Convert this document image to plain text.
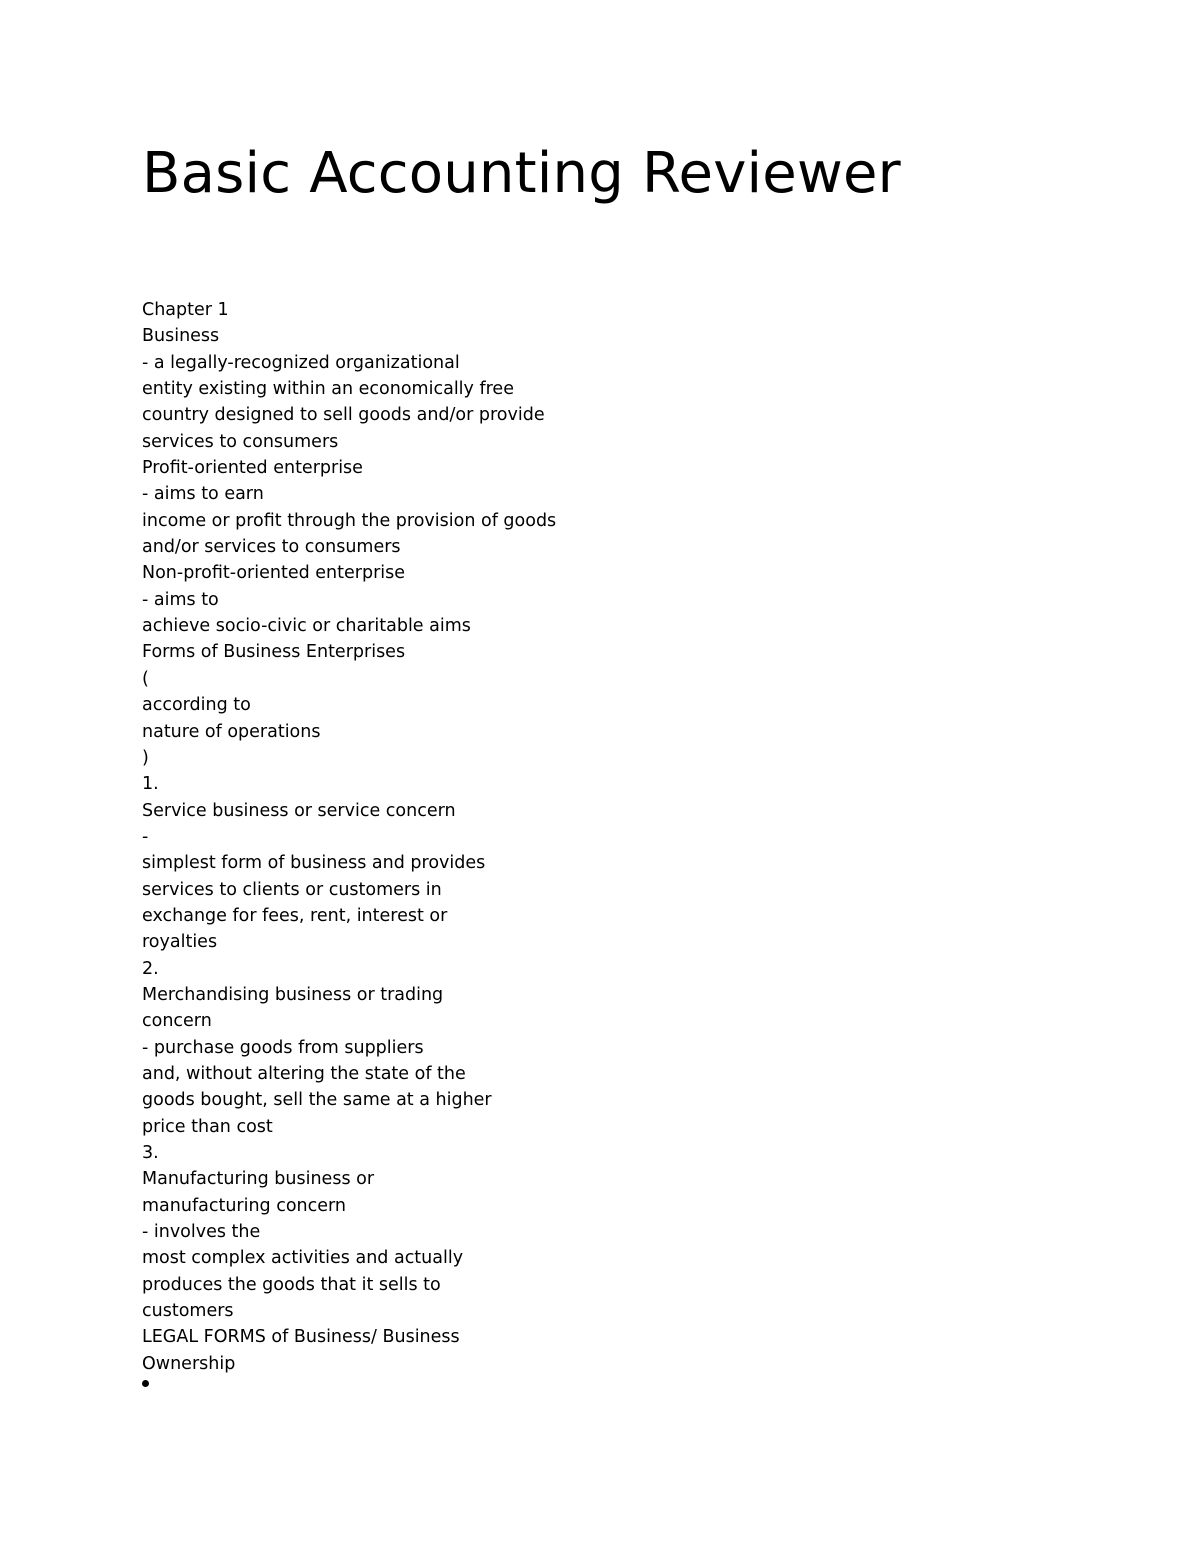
Basic Accounting Reviewer
Chapter 1
Business
- a legally-recognized organizational
entity existing within an economically free
country designed to sell goods and/or provide
services to consumers
Profit-oriented enterprise
- aims to earn
income or profit through the provision of goods
and/or services to consumers
Non-profit-oriented enterprise
- aims to
achieve socio-civic or charitable aims
Forms of Business Enterprises
(
according to
nature of operations
)
1.
Service business or service concern
-
simplest form of business and provides
services to clients or customers in
exchange for fees, rent, interest or
royalties
2.
Merchandising business or trading
concern
- purchase goods from suppliers
and, without altering the state of the
goods bought, sell the same at a higher
price than cost
3.
Manufacturing business or
manufacturing concern
- involves the
most complex activities and actually
produces the goods that it sells to
customers
LEGAL FORMS of Business/ Business
Ownership
